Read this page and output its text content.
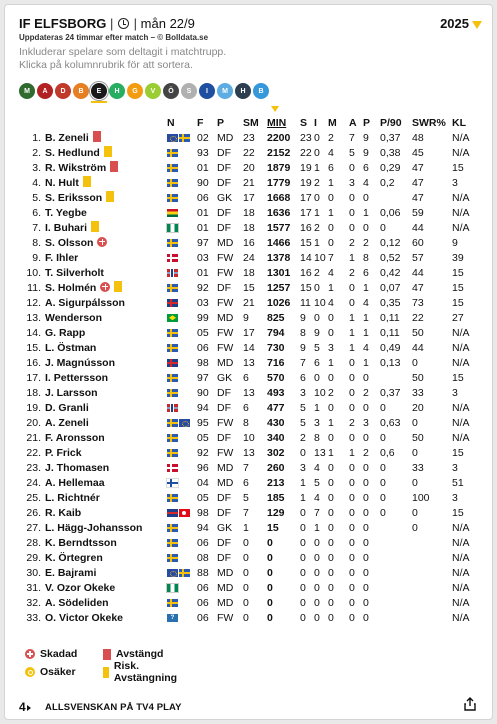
IF ELFSBORG | | mån 22/9	2025
Uppdateras 24 timmar efter match – © Bolldata.se
Inkluderar spelare som deltagit i matchtrupp.
Klicka på kolumnrubrik för att sortera.
M	A	D	B	E	H	G	V	Ö	S	I	M	H	B
		N	F	P	SM	MIN	S	I	M	A	P	P/90	SWR%	KL
1.	B. Zeneli		02	MD	23	2200	23	0	2	7	9	0,37	48	N/A
2.	S. Hedlund		93	DF	22	2152	22	0	4	5	9	0,38	45	N/A
3.	R. Wikström		01	DF	20	1879	19	1	6	0	6	0,29	47	15
4.	N. Hult		90	DF	21	1779	19	2	1	3	4	0,2	47	3
5.	S. Eriksson		06	GK	17	1668	17	0	0	0	0		47	N/A
6.	T. Yegbe		01	DF	18	1636	17	1	1	0	1	0,06	59	N/A
7.	I. Buhari		01	DF	18	1577	16	2	0	0	0	0	44	N/A
8.	S. Olsson		97	MD	16	1466	15	1	0	2	2	0,12	60	9
9.	F. Ihler		03	FW	24	1378	14	10	7	1	8	0,52	57	39
10.	T. Silverholt		01	FW	18	1301	16	2	4	2	6	0,42	44	15
11.	S. Holmén		92	DF	15	1257	15	0	1	0	1	0,07	47	15
12.	A. Sigurpálsson		03	FW	21	1026	11	10	4	0	4	0,35	73	15
13.	Wenderson		99	MD	9	825	9	0	0	1	1	0,11	22	27
14.	G. Rapp		05	FW	17	794	8	9	0	1	1	0,11	50	N/A
15.	L. Östman		06	FW	14	730	9	5	3	1	4	0,49	44	N/A
16.	J. Magnússon		98	MD	13	716	7	6	1	0	1	0,13	0	N/A
17.	I. Pettersson		97	GK	6	570	6	0	0	0	0		50	15
18.	J. Larsson		90	DF	13	493	3	10	2	0	2	0,37	33	3
19.	D. Granli		94	DF	6	477	5	1	0	0	0	0	20	N/A
20.	A. Zeneli		95	FW	8	430	5	3	1	2	3	0,63	0	N/A
21.	F. Aronsson		05	DF	10	340	2	8	0	0	0	0	50	N/A
22.	P. Frick		92	FW	13	302	0	13	1	1	2	0,6	0	15
23.	J. Thomasen		96	MD	7	260	3	4	0	0	0	0	33	3
24.	A. Hellemaa		04	MD	6	213	1	5	0	0	0	0	0	51
25.	L. Richtnér		05	DF	5	185	1	4	0	0	0	0	100	3
26.	R. Kaib		98	DF	7	129	0	7	0	0	0	0	0	15
27.	L. Hägg-Johansson		94	GK	1	15	0	1	0	0	0		0	N/A
28.	K. Berndtsson		06	DF	0	0	0	0	0	0	0			N/A
29.	K. Örtegren		08	DF	0	0	0	0	0	0	0			N/A
30.	E. Bajrami		88	MD	0	0	0	0	0	0	0			N/A
31.	V. Ozor Okeke		06	MD	0	0	0	0	0	0	0			N/A
32.	A. Södeliden		06	MD	0	0	0	0	0	0	0			N/A
33.	O. Victor Okeke	?	06	FW	0	0	0	0	0	0	0			N/A
Skadad	Avstängd
Osäker	Risk. Avstängning
4	ALLSVENSKAN PÅ TV4 PLAY
